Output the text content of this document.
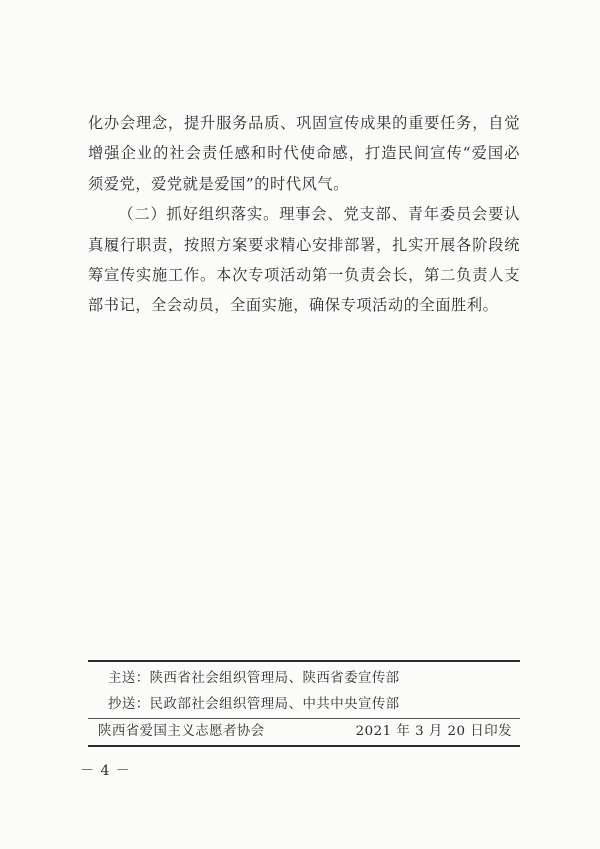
化办会理念，提升服务品质、巩固宣传成果的重要任务，自觉增强企业的社会责任感和时代使命感，打造民间宣传“爱国必须爱党，爱党就是爱国”的时代风气。

（二）抓好组织落实。理事会、党支部、青年委员会要认真履行职责，按照方案要求精心安排部署，扎实开展各阶段统筹宣传实施工作。本次专项活动第一负责会长，第二负责人支部书记，全会动员，全面实施，确保专项活动的全面胜利。

主送：陕西省社会组织管理局、陕西省委宣传部
抄送：民政部社会组织管理局、中共中央宣传部
陕西省爱国主义志愿者协会	2021 年 3 月 20 日印发
－ 4 －
